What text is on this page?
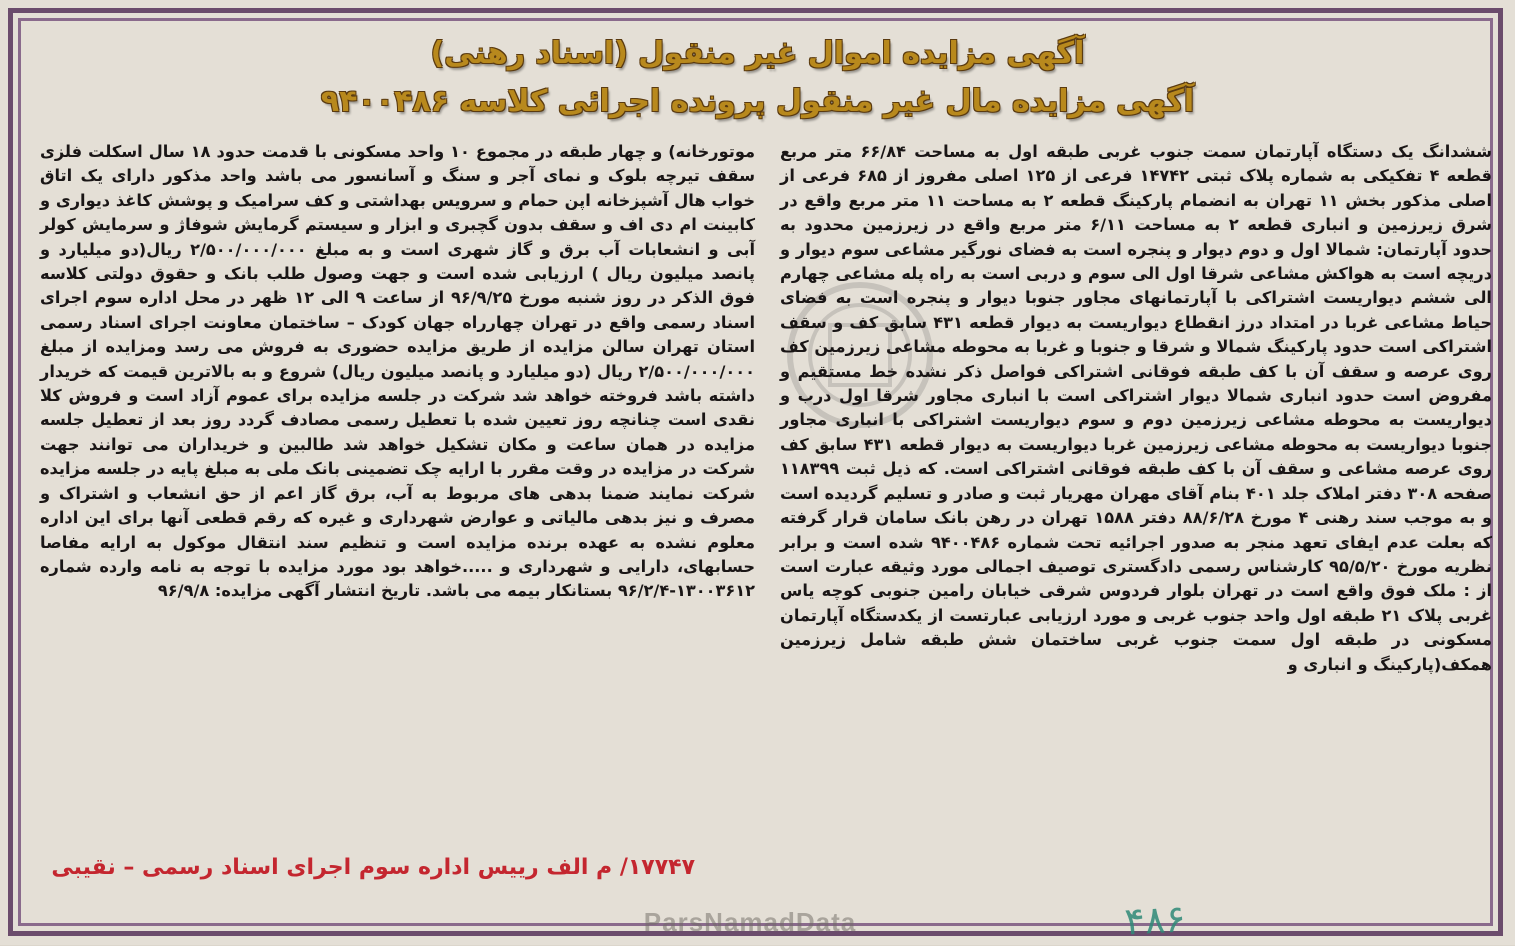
آگهی مزایده اموال غیر منقول (اسناد رهنی)
آگهی مزایده مال غیر منقول پرونده اجرائی کلاسه ۹۴۰۰۴۸۶

ششدانگ یک دستگاه آپارتمان سمت جنوب غربی طبقه اول به مساحت ۶۶/۸۴ متر مربع قطعه ۴ تفکیکی به شماره پلاک ثبتی ۱۴۷۴۲ فرعی از ۱۲۵ اصلی مفروز از ۶۸۵ فرعی از اصلی مذکور بخش ۱۱ تهران به انضمام پارکینگ قطعه ۲ به مساحت ۱۱ متر مربع واقع در شرق زیرزمین و انباری قطعه ۲ به مساحت ۶/۱۱ متر مربع واقع در زیرزمین محدود به حدود آپارتمان: شمالا اول و دوم دیوار و پنجره است به فضای نورگیر مشاعی سوم دیوار و دریچه است به هواکش مشاعی شرقا اول الی سوم و دربی است به راه پله مشاعی چهارم الی ششم دیواریست اشتراکی با آپارتمانهای مجاور جنوبا دیوار و پنجره است به فضای حیاط مشاعی غربا در امتداد درز انقطاع دیواریست به دیوار قطعه ۴۳۱ سابق کف و سقف اشتراکی است حدود پارکینگ شمالا و شرقا و جنوبا و غربا به محوطه مشاعی زیرزمین کف روی عرصه و سقف آن با کف طبقه فوقانی اشتراکی فواصل ذکر نشده خط مستقیم و مفروض است حدود انباری شمالا دیوار اشتراکی است با انباری مجاور شرقا اول درب و دیواریست به محوطه مشاعی زیرزمین دوم و سوم دیواریست اشتراکی با انباری مجاور جنوبا دیواریست به محوطه مشاعی زیرزمین غربا دیواریست به دیوار قطعه ۴۳۱ سابق کف روی عرصه مشاعی و سقف آن با کف طبقه فوقانی اشتراکی است. که ذیل ثبت ۱۱۸۳۹۹ صفحه ۳۰۸ دفتر املاک جلد ۴۰۱ بنام آقای مهران مهریار ثبت و صادر و تسلیم گردیده است و به موجب سند رهنی ۴ مورخ ۸۸/۶/۲۸ دفتر ۱۵۸۸ تهران در رهن بانک سامان قرار گرفته که بعلت عدم ایفای تعهد منجر به صدور اجرائیه تحت شماره ۹۴۰۰۴۸۶ شده است و برابر نظریه مورخ ۹۵/۵/۲۰ کارشناس رسمی دادگستری توصیف اجمالی مورد وثیقه عبارت است از : ملک فوق واقع است در تهران بلوار فردوس شرقی خیابان رامین جنوبی کوچه یاس غربی پلاک ۲۱ طبقه اول واحد جنوب غربی و مورد ارزیابی عبارتست از یکدستگاه آپارتمان مسکونی در طبقه اول سمت جنوب غربی ساختمان شش طبقه شامل زیرزمین همکف(پارکینگ و انباری و

موتورخانه) و چهار طبقه در مجموع ۱۰ واحد مسکونی با قدمت حدود ۱۸ سال اسکلت فلزی سقف تیرچه بلوک و نمای آجر و سنگ و آسانسور می باشد واحد مذکور دارای یک اتاق خواب هال آشپزخانه اپن حمام و سرویس بهداشتی و کف سرامیک و پوشش کاغذ دیواری و کابینت ام دی اف و سقف بدون گچبری و ابزار و سیستم گرمایش شوفاژ و سرمایش کولر آبی و انشعابات آب برق و گاز شهری است و به مبلغ ۲/۵۰۰/۰۰۰/۰۰۰ ریال(دو میلیارد و پانصد میلیون ریال ) ارزیابی شده است و جهت وصول طلب بانک و حقوق دولتی کلاسه فوق الذکر در روز شنبه مورخ ۹۶/۹/۲۵ از ساعت ۹ الی ۱۲ ظهر در محل اداره سوم اجرای اسناد رسمی واقع در تهران چهارراه جهان کودک – ساختمان معاونت اجرای اسناد رسمی استان تهران سالن مزایده از طریق مزایده حضوری به فروش می رسد ومزایده از مبلغ ۲/۵۰۰/۰۰۰/۰۰۰ ریال (دو میلیارد و پانصد میلیون ریال) شروع و به بالاترین قیمت که خریدار داشته باشد فروخته خواهد شد شرکت در جلسه مزایده برای عموم آزاد است و فروش کلا نقدی است چنانچه روز تعیین شده با تعطیل رسمی مصادف گردد روز بعد از تعطیل جلسه مزایده در همان ساعت و مکان تشکیل خواهد شد طالبین و خریداران می توانند جهت شرکت در مزایده در وقت مقرر با ارایه چک تضمینی بانک ملی به مبلغ پایه در جلسه مزایده شرکت نمایند ضمنا بدهی های مربوط به آب، برق گاز اعم از حق انشعاب و اشتراک و مصرف و نیز بدهی مالیاتی و عوارض شهرداری و غیره که رقم قطعی آنها برای این اداره معلوم نشده به عهده برنده مزایده است و تنظیم سند انتقال موکول به ارایه مفاصا حسابهای، دارایی و شهرداری و .....خواهد بود مورد مزایده با توجه به نامه وارده شماره ۱۳۰۰۳۶۱۲-۹۶/۲/۴ بستانکار بیمه می باشد. تاریخ انتشار آگهی مزایده: ۹۶/۹/۸

۱۷۷۴۷/ م الف رییس اداره سوم اجرای اسناد رسمی – نقیبی
۴۸۶
ParsNamadData
